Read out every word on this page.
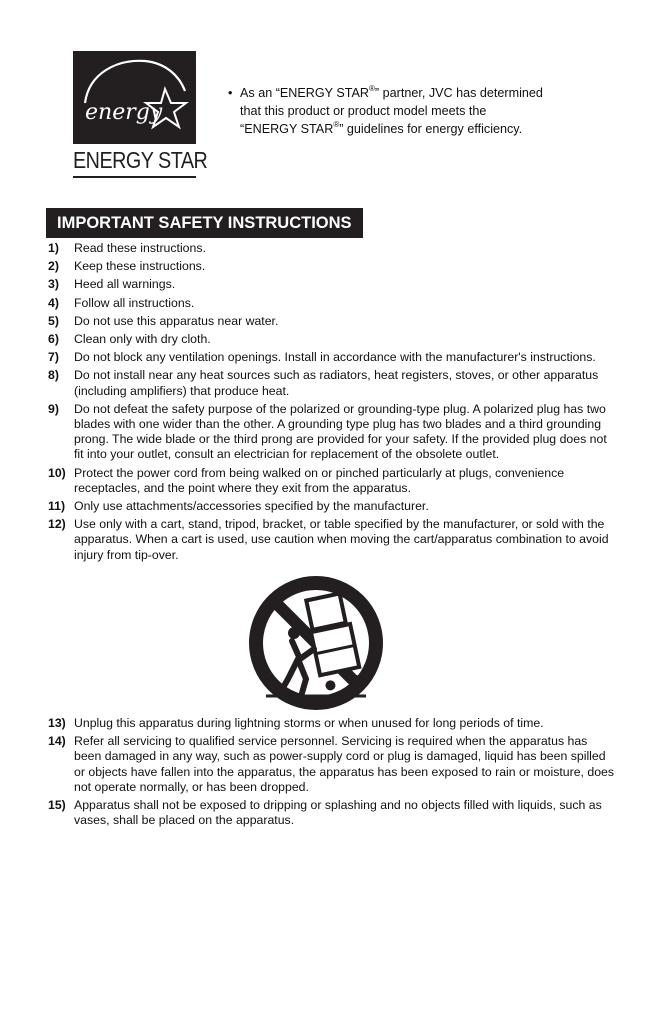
energy
ENERGY STAR
• As an “ENERGY STAR®” partner, JVC has determined
that this product or product model meets the
“ENERGY STAR®” guidelines for energy efficiency.
IMPORTANT SAFETY INSTRUCTIONS
1) Read these instructions.
2) Keep these instructions.
3) Heed all warnings.
4) Follow all instructions.
5) Do not use this apparatus near water.
6) Clean only with dry cloth.
7) Do not block any ventilation openings. Install in accordance with the manufacturer's instructions.
8) Do not install near any heat sources such as radiators, heat registers, stoves, or other apparatus (including amplifiers) that produce heat.
9) Do not defeat the safety purpose of the polarized or grounding-type plug. A polarized plug has two blades with one wider than the other. A grounding type plug has two blades and a third grounding prong. The wide blade or the third prong are provided for your safety. If the provided plug does not fit into your outlet, consult an electrician for replacement of the obsolete outlet.
10) Protect the power cord from being walked on or pinched particularly at plugs, convenience receptacles, and the point where they exit from the apparatus.
11) Only use attachments/accessories specified by the manufacturer.
12) Use only with a cart, stand, tripod, bracket, or table specified by the manufacturer, or sold with the apparatus. When a cart is used, use caution when moving the cart/apparatus combination to avoid injury from tip-over.
13) Unplug this apparatus during lightning storms or when unused for long periods of time.
14) Refer all servicing to qualified service personnel. Servicing is required when the apparatus has been damaged in any way, such as power-supply cord or plug is damaged, liquid has been spilled or objects have fallen into the apparatus, the apparatus has been exposed to rain or moisture, does not operate normally, or has been dropped.
15) Apparatus shall not be exposed to dripping or splashing and no objects filled with liquids, such as vases, shall be placed on the apparatus.
